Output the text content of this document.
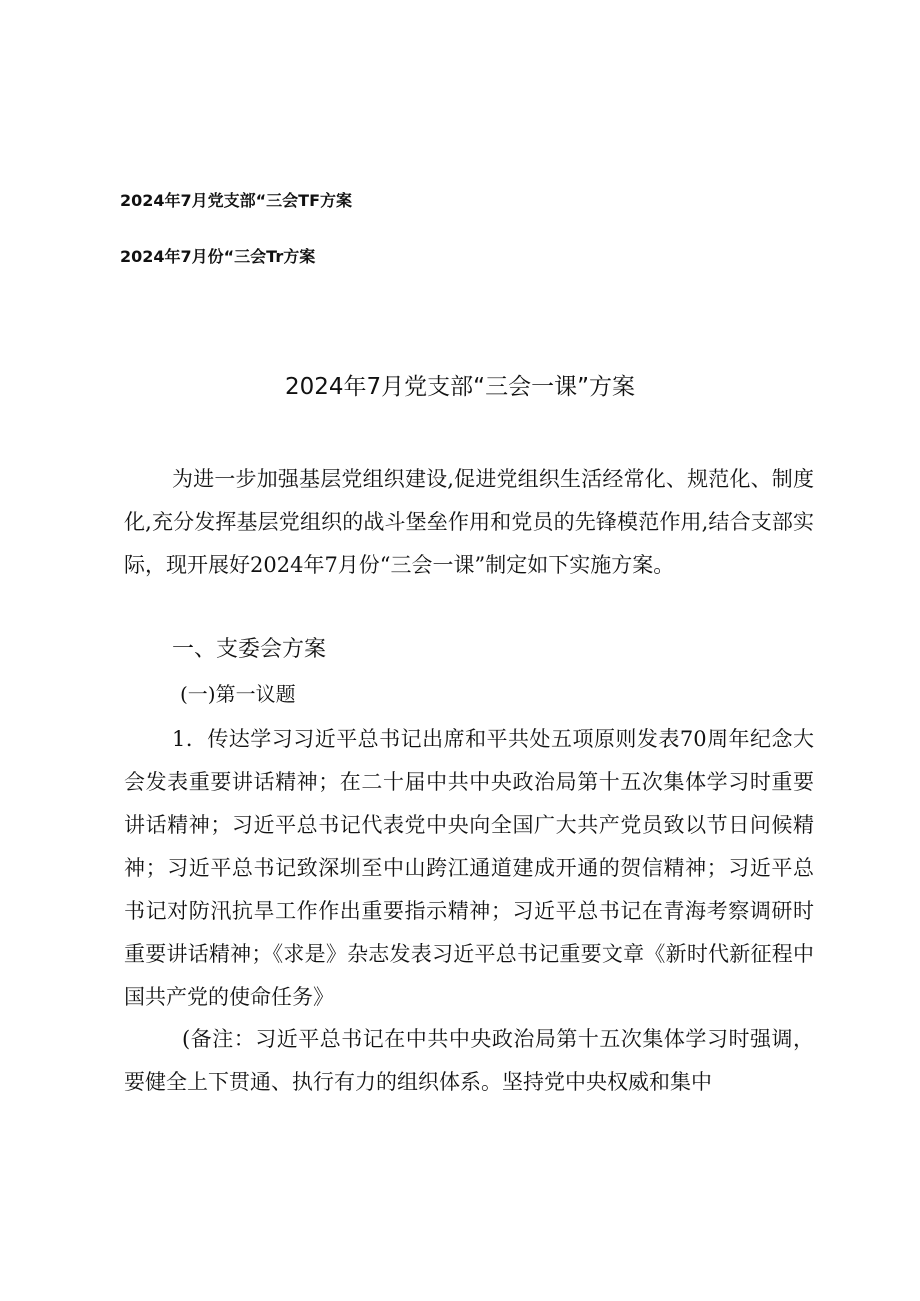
2024年7月党支部“三会TF方案
2024年7月份“三会Tr方案
2024年7月党支部“三会一课”方案
为进一步加强基层党组织建设,促进党组织生活经常化、规范化、制度化,充分发挥基层党组织的战斗堡垒作用和党员的先锋模范作用,结合支部实际，现开展好2024年7月份“三会一课”制定如下实施方案。
一、支委会方案
(一)第一议题
1．传达学习习近平总书记出席和平共处五项原则发表70周年纪念大会发表重要讲话精神；在二十届中共中央政治局第十五次集体学习时重要讲话精神；习近平总书记代表党中央向全国广大共产党员致以节日问候精神；习近平总书记致深圳至中山跨江通道建成开通的贺信精神；习近平总书记对防汛抗旱工作作出重要指示精神；习近平总书记在青海考察调研时重要讲话精神；《求是》杂志发表习近平总书记重要文章《新时代新征程中国共产党的使命任务》
(备注：习近平总书记在中共中央政治局第十五次集体学习时强调，要健全上下贯通、执行有力的组织体系。坚持党中央权威和集中
